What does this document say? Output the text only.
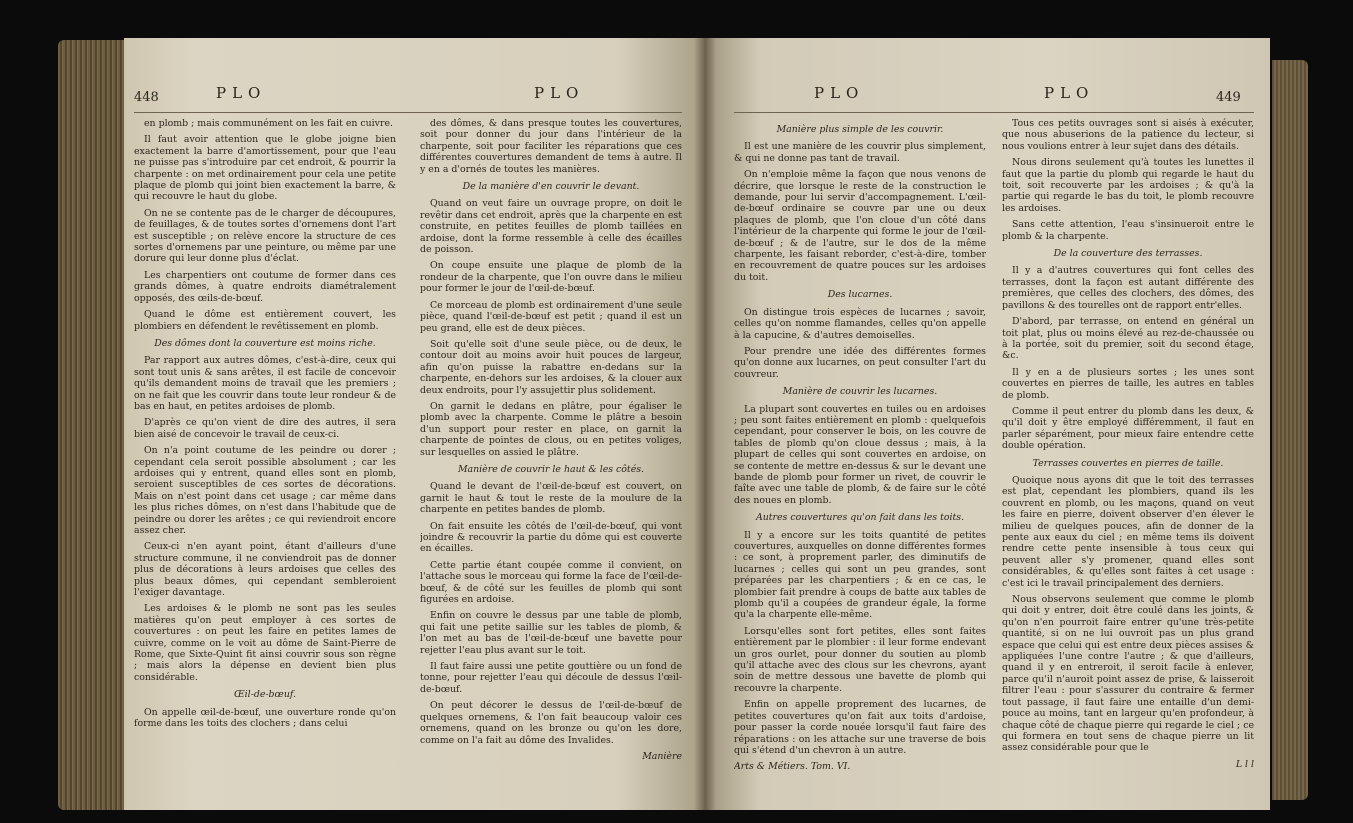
448	PLO	PLO

en plomb ; mais communément on les fait en cuivre.

Il faut avoir attention que le globe joigne bien exactement la barre d'amortissement, pour que l'eau ne puisse pas s'introduire par cet endroit, & pourrir la charpente : on met ordinairement pour cela une petite plaque de plomb qui joint bien exactement la barre, & qui recouvre le haut du globe.

On ne se contente pas de le charger de découpures, de feuillages, & de toutes sortes d'ornemens dont l'art est susceptible ; on relève encore la structure de ces sortes d'ornemens par une peinture, ou même par une dorure qui leur donne plus d'éclat.

Les charpentiers ont coutume de former dans ces grands dômes, à quatre endroits diamétralement opposés, des œils-de-bœuf.

Quand le dôme est entièrement couvert, les plombiers en défendent le revêtissement en plomb.

Des dômes dont la couverture est moins riche.

Par rapport aux autres dômes, c'est-à-dire, ceux qui sont tout unis & sans arêtes, il est facile de concevoir qu'ils demandent moins de travail que les premiers ; on ne fait que les couvrir dans toute leur rondeur & de bas en haut, en petites ardoises de plomb.

D'après ce qu'on vient de dire des autres, il sera bien aisé de concevoir le travail de ceux-ci.

On n'a point coutume de les peindre ou dorer ; cependant cela seroit possible absolument ; car les ardoises qui y entrent, quand elles sont en plomb, seroient susceptibles de ces sortes de décorations. Mais on n'est point dans cet usage ; car même dans les plus riches dômes, on n'est dans l'habitude que de peindre ou dorer les arêtes ; ce qui reviendroit encore assez cher.

Ceux-ci n'en ayant point, étant d'ailleurs d'une structure commune, il ne conviendroit pas de donner plus de décorations à leurs ardoises que celles des plus beaux dômes, qui cependant sembleroient l'exiger davantage.

Les ardoises & le plomb ne sont pas les seules matières qu'on peut employer à ces sortes de couvertures : on peut les faire en petites lames de cuivre, comme on le voit au dôme de Saint-Pierre de Rome, que Sixte-Quint fit ainsi couvrir sous son règne ; mais alors la dépense en devient bien plus considérable.

Œil-de-bœuf.

On appelle œil-de-bœuf, une ouverture ronde qu'on forme dans les toits des clochers ; dans celui

des dômes, & dans presque toutes les couvertures, soit pour donner du jour dans l'intérieur de la charpente, soit pour faciliter les réparations que ces différentes couvertures demandent de tems à autre. Il y en a d'ornés de toutes les manières.

De la manière d'en couvrir le devant.

Quand on veut faire un ouvrage propre, on doit le revêtir dans cet endroit, après que la charpente en est construite, en petites feuilles de plomb taillées en ardoise, dont la forme ressemble à celle des écailles de poisson.

On coupe ensuite une plaque de plomb de la rondeur de la charpente, que l'on ouvre dans le milieu pour former le jour de l'œil-de-bœuf.

Ce morceau de plomb est ordinairement d'une seule pièce, quand l'œil-de-bœuf est petit ; quand il est un peu grand, elle est de deux pièces.

Soit qu'elle soit d'une seule pièce, ou de deux, le contour doit au moins avoir huit pouces de largeur, afin qu'on puisse la rabattre en-dedans sur la charpente, en-dehors sur les ardoises, & la clouer aux deux endroits, pour l'y assujettir plus solidement.

On garnit le dedans en plâtre, pour égaliser le plomb avec la charpente. Comme le plâtre a besoin d'un support pour rester en place, on garnit la charpente de pointes de clous, ou en petites voliges, sur lesquelles on assied le plâtre.

Manière de couvrir le haut & les côtés.

Quand le devant de l'œil-de-bœuf est couvert, on garnit le haut & tout le reste de la moulure de la charpente en petites bandes de plomb.

On fait ensuite les côtés de l'œil-de-bœuf, qui vont joindre & recouvrir la partie du dôme qui est couverte en écailles.

Cette partie étant coupée comme il convient, on l'attache sous le morceau qui forme la face de l'œil-de-bœuf, & de côté sur les feuilles de plomb qui sont figurées en ardoise.

Enfin on couvre le dessus par une table de plomb, qui fait une petite saillie sur les tables de plomb, & l'on met au bas de l'œil-de-bœuf une bavette pour rejetter l'eau plus avant sur le toit.

Il faut faire aussi une petite gouttière ou un fond de tonne, pour rejetter l'eau qui découle de dessus l'œil-de-bœuf.

On peut décorer le dessus de l'œil-de-bœuf de quelques ornemens, & l'on fait beaucoup valoir ces ornemens, quand on les bronze ou qu'on les dore, comme on l'a fait au dôme des Invalides.

Manière

PLO	PLO	449

Manière plus simple de les couvrir.

Il est une manière de les couvrir plus simplement, & qui ne donne pas tant de travail.

On n'emploie même la façon que nous venons de décrire, que lorsque le reste de la construction le demande, pour lui servir d'accompagnement. L'œil-de-bœuf ordinaire se couvre par une ou deux plaques de plomb, que l'on cloue d'un côté dans l'intérieur de la charpente qui forme le jour de l'œil-de-bœuf ; & de l'autre, sur le dos de la même charpente, les faisant reborder, c'est-à-dire, tomber en recouvrement de quatre pouces sur les ardoises du toit.

Des lucarnes.

On distingue trois espèces de lucarnes ; savoir, celles qu'on nomme flamandes, celles qu'on appelle à la capucine, & d'autres demoiselles.

Pour prendre une idée des différentes formes qu'on donne aux lucarnes, on peut consulter l'art du couvreur.

Manière de couvrir les lucarnes.

La plupart sont couvertes en tuiles ou en ardoises ; peu sont faites entièrement en plomb : quelquefois cependant, pour conserver le bois, on les couvre de tables de plomb qu'on cloue dessus ; mais, à la plupart de celles qui sont couvertes en ardoise, on se contente de mettre en-dessus & sur le devant une bande de plomb pour former un rivet, de couvrir le faîte avec une table de plomb, & de faire sur le côté des noues en plomb.

Autres couvertures qu'on fait dans les toits.

Il y a encore sur les toits quantité de petites couvertures, auxquelles on donne différentes formes : ce sont, à proprement parler, des diminutifs de lucarnes ; celles qui sont un peu grandes, sont préparées par les charpentiers ; & en ce cas, le plombier fait prendre à coups de batte aux tables de plomb qu'il a coupées de grandeur égale, la forme qu'a la charpente elle-même.

Lorsqu'elles sont fort petites, elles sont faites entièrement par le plombier : il leur forme endevant un gros ourlet, pour donner du soutien au plomb qu'il attache avec des clous sur les chevrons, ayant soin de mettre dessous une bavette de plomb qui recouvre la charpente.

Enfin on appelle proprement des lucarnes, de petites couvertures qu'on fait aux toits d'ardoise, pour passer la corde nouée lorsqu'il faut faire des réparations : on les attache sur une traverse de bois qui s'étend d'un chevron à un autre.

Arts & Métiers. Tom. VI.

Tous ces petits ouvrages sont si aisés à exécuter, que nous abuserions de la patience du lecteur, si nous voulions entrer à leur sujet dans des détails.

Nous dirons seulement qu'à toutes les lunettes il faut que la partie du plomb qui regarde le haut du toit, soit recouverte par les ardoises ; & qu'à la partie qui regarde le bas du toit, le plomb recouvre les ardoises.

Sans cette attention, l'eau s'insinueroit entre le plomb & la charpente.

De la couverture des terrasses.

Il y a d'autres couvertures qui font celles des terrasses, dont la façon est autant différente des premières, que celles des clochers, des dômes, des pavillons & des tourelles ont de rapport entr'elles.

D'abord, par terrasse, on entend en général un toit plat, plus ou moins élevé au rez-de-chaussée ou à la portée, soit du premier, soit du second étage, &c.

Il y en a de plusieurs sortes ; les unes sont couvertes en pierres de taille, les autres en tables de plomb.

Comme il peut entrer du plomb dans les deux, & qu'il doit y être employé différemment, il faut en parler séparément, pour mieux faire entendre cette double opération.

Terrasses couvertes en pierres de taille.

Quoique nous ayons dit que le toit des terrasses est plat, cependant les plombiers, quand ils les couvrent en plomb, ou les maçons, quand on veut les faire en pierre, doivent observer d'en élever le milieu de quelques pouces, afin de donner de la pente aux eaux du ciel ; en même tems ils doivent rendre cette pente insensible à tous ceux qui peuvent aller s'y promener, quand elles sont considérables, & qu'elles sont faites à cet usage : c'est ici le travail principalement des derniers.

Nous observons seulement que comme le plomb qui doit y entrer, doit être coulé dans les joints, & qu'on n'en pourroit faire entrer qu'une très-petite quantité, si on ne lui ouvroit pas un plus grand espace que celui qui est entre deux pièces assises & appliquées l'une contre l'autre ; & que d'ailleurs, quand il y en entreroit, il seroit facile à enlever, parce qu'il n'auroit point assez de prise, & laisseroit filtrer l'eau : pour s'assurer du contraire & fermer tout passage, il faut faire une entaille d'un demi-pouce au moins, tant en largeur qu'en profondeur, à chaque côté de chaque pierre qui regarde le ciel ; ce qui formera en tout sens de chaque pierre un lit assez considérable pour que le

L l l
